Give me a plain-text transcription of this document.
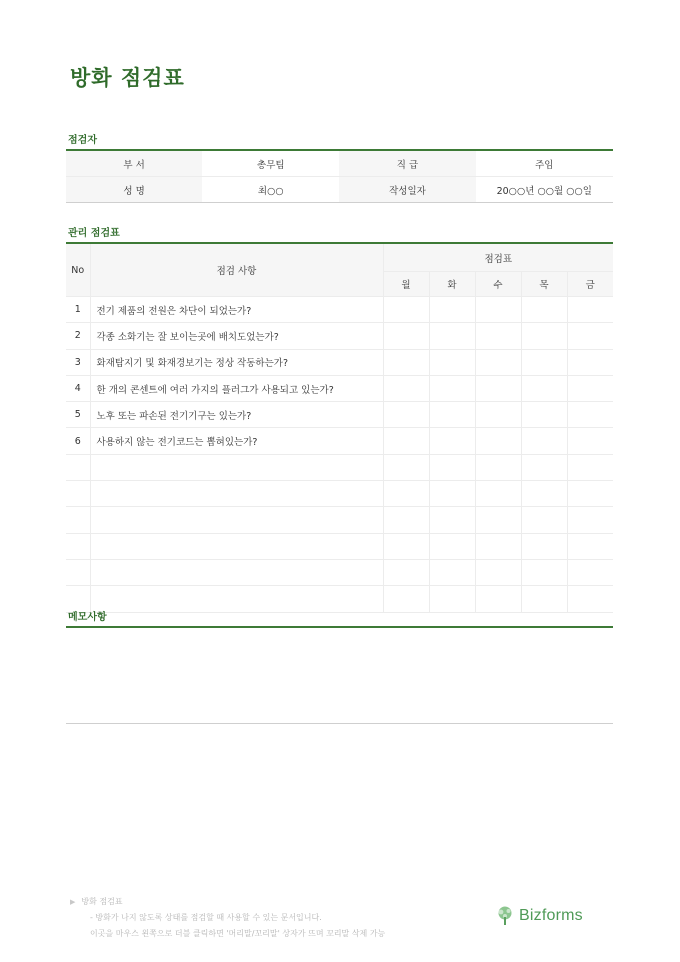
방화 점검표
점검자
부 서	총무팀	직 급	주임
성 명	최○○	작성일자	20○○년 ○○월 ○○일
관리 점검표
No	점검 사항	점검표				
		월	화	수	목	금
1	전기 제품의 전원은 차단이 되었는가?					
2	각종 소화기는 잘 보이는곳에 배치도었는가?					
3	화재탐지기 및 화재경보기는 정상 작동하는가?					
4	한 개의 콘센트에 여러 가지의 플러그가 사용되고 있는가?					
5	노후 또는 파손된 전기기구는 있는가?					
6	사용하지 않는 전기코드는 뽑혀있는가?					

메모사항
▶ 방화 점검표
- 방화가 나지 않도록 상태를 점검할 때 사용할 수 있는 문서입니다.
이곳을 마우스 왼쪽으로 더블 클릭하면 '머리말/꼬리말' 상자가 뜨며 꼬리말 삭제 가능
Bizforms
